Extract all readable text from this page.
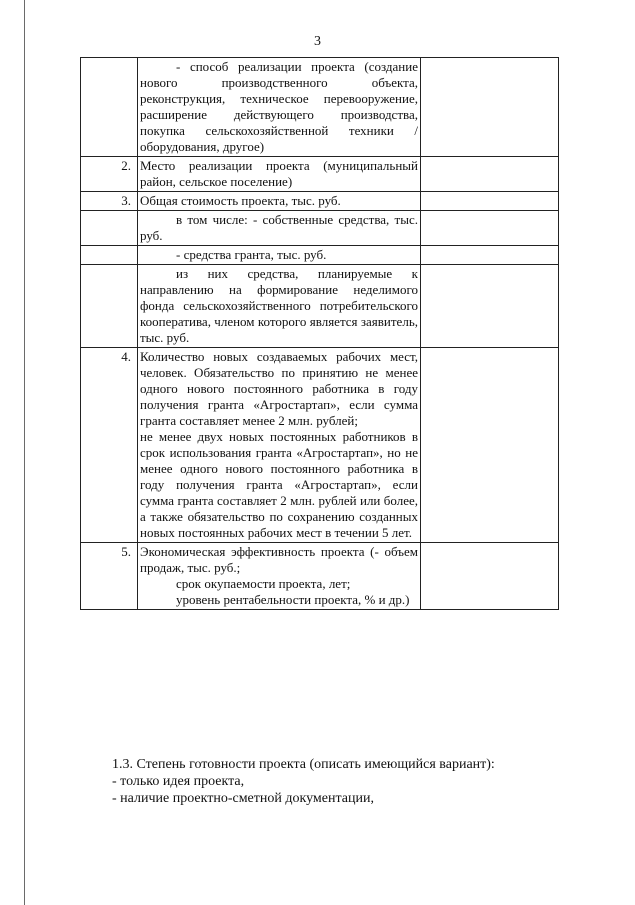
3
	- способ реализации проекта (создание нового производственного объекта, реконструкция, техническое перевооружение, расширение действующего производства, покупка сельскохозяйственной техники / оборудования, другое)	
2.	Место реализации проекта (муниципальный район, сельское поселение)	
3.	Общая стоимость проекта, тыс. руб.	
	в том числе: - собственные средства, тыс. руб.	
	- средства гранта, тыс. руб.	
	из них средства, планируемые к направлению на формирование неделимого фонда сельскохозяйственного потребительского кооператива, членом которого является заявитель, тыс. руб.	
4.	Количество новых создаваемых рабочих мест, человек. Обязательство по принятию не менее одного нового постоянного работника в году получения гранта «Агростартап», если сумма гранта составляет менее 2 млн. рублей;
не менее двух новых постоянных работников в срок использования гранта «Агростартап», но не менее одного нового постоянного работника в году получения гранта «Агростартап», если сумма гранта составляет 2 млн. рублей или более, а также обязательство по сохранению созданных новых постоянных рабочих мест в течении 5 лет.	

5.	Экономическая эффективность проекта (- объем продаж, тыс. руб.;
срок окупаемости проекта, лет;
уровень рентабельности проекта, % и др.)	

1.3. Степень готовности проекта (описать имеющийся вариант):
- только идея проекта,
- наличие проектно-сметной документации,
